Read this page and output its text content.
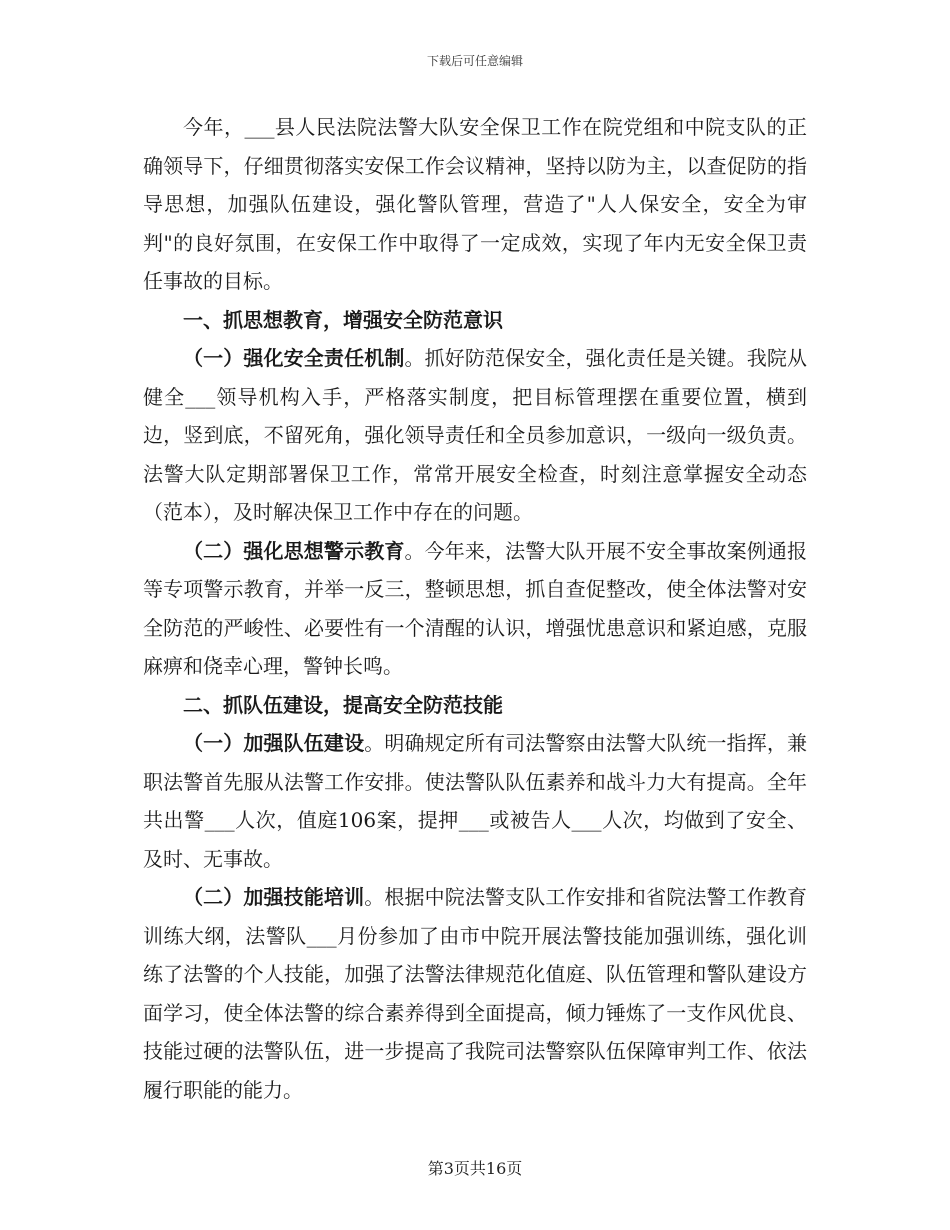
下载后可任意编辑

今年，___县人民法院法警大队安全保卫工作在院党组和中院支队的正确领导下，仔细贯彻落实安保工作会议精神，坚持以防为主，以查促防的指导思想，加强队伍建设，强化警队管理，营造了"人人保安全，安全为审判"的良好氛围，在安保工作中取得了一定成效，实现了年内无安全保卫责任事故的目标。

一、抓思想教育，增强安全防范意识

（一）强化安全责任机制。抓好防范保安全，强化责任是关键。我院从健全___领导机构入手，严格落实制度，把目标管理摆在重要位置，横到边，竖到底，不留死角，强化领导责任和全员参加意识，一级向一级负责。法警大队定期部署保卫工作，常常开展安全检查，时刻注意掌握安全动态（范本），及时解决保卫工作中存在的问题。

（二）强化思想警示教育。今年来，法警大队开展不安全事故案例通报等专项警示教育，并举一反三，整顿思想，抓自查促整改，使全体法警对安全防范的严峻性、必要性有一个清醒的认识，增强忧患意识和紧迫感，克服麻痹和侥幸心理，警钟长鸣。

二、抓队伍建设，提高安全防范技能

（一）加强队伍建设。明确规定所有司法警察由法警大队统一指挥，兼职法警首先服从法警工作安排。使法警队队伍素养和战斗力大有提高。全年共出警___人次，值庭106案，提押___或被告人___人次，均做到了安全、及时、无事故。

（二）加强技能培训。根据中院法警支队工作安排和省院法警工作教育训练大纲，法警队___月份参加了由市中院开展法警技能加强训练，强化训练了法警的个人技能，加强了法警法律规范化值庭、队伍管理和警队建设方面学习，使全体法警的综合素养得到全面提高，倾力锤炼了一支作风优良、技能过硬的法警队伍，进一步提高了我院司法警察队伍保障审判工作、依法履行职能的能力。

第3页共16页
